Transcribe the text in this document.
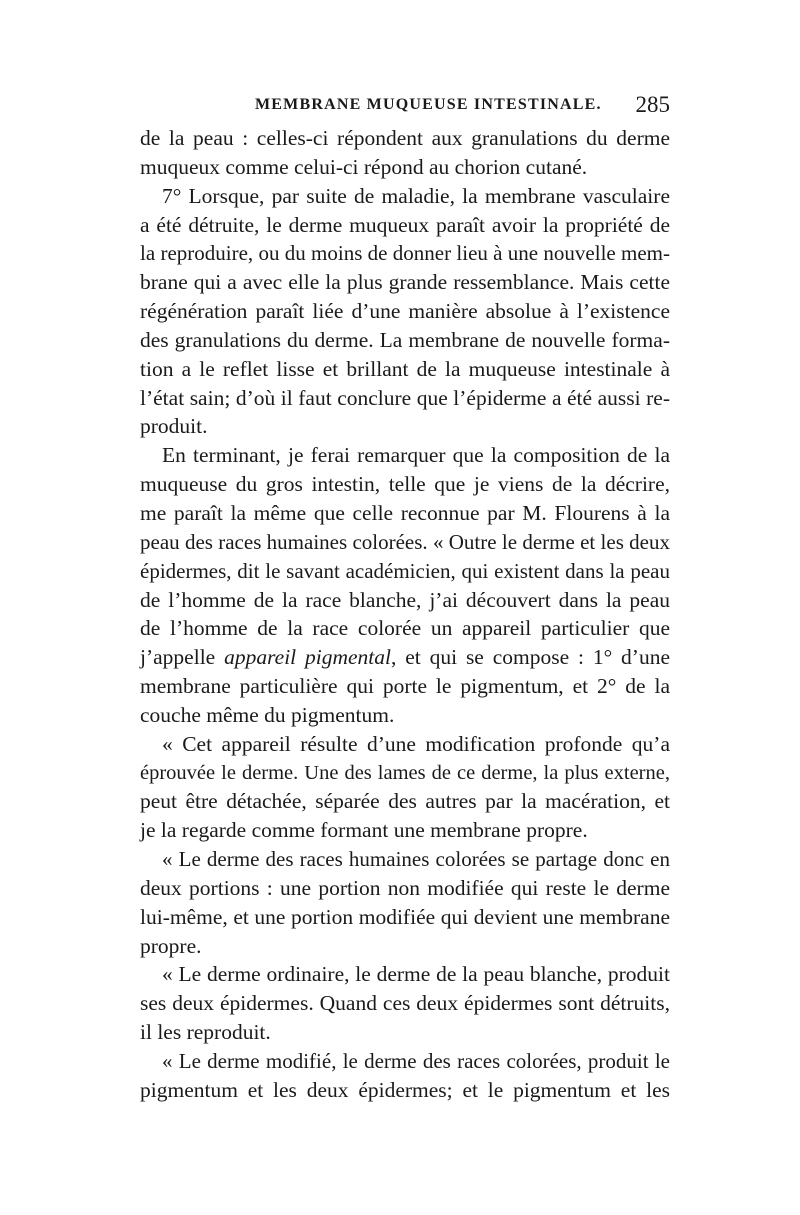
MEMBRANE MUQUEUSE INTESTINALE. 285
de la peau : celles-ci répondent aux granulations du derme
muqueux comme celui-ci répond au chorion cutané.
7° Lorsque, par suite de maladie, la membrane vasculaire
a été détruite, le derme muqueux paraît avoir la propriété de
la reproduire, ou du moins de donner lieu à une nouvelle mem-
brane qui a avec elle la plus grande ressemblance. Mais cette
régénération paraît liée d’une manière absolue à l’existence
des granulations du derme. La membrane de nouvelle forma-
tion a le reflet lisse et brillant de la muqueuse intestinale à
l’état sain; d’où il faut conclure que l’épiderme a été aussi re-
produit.
En terminant, je ferai remarquer que la composition de la
muqueuse du gros intestin, telle que je viens de la décrire,
me paraît la même que celle reconnue par M. Flourens à la
peau des races humaines colorées. « Outre le derme et les deux
épidermes, dit le savant académicien, qui existent dans la peau
de l’homme de la race blanche, j’ai découvert dans la peau
de l’homme de la race colorée un appareil particulier que
j’appelle appareil pigmental, et qui se compose : 1° d’une
membrane particulière qui porte le pigmentum, et 2° de la
couche même du pigmentum.
« Cet appareil résulte d’une modification profonde qu’a
éprouvée le derme. Une des lames de ce derme, la plus externe,
peut être détachée, séparée des autres par la macération, et
je la regarde comme formant une membrane propre.
« Le derme des races humaines colorées se partage donc en
deux portions : une portion non modifiée qui reste le derme
lui-même, et une portion modifiée qui devient une membrane
propre.
« Le derme ordinaire, le derme de la peau blanche, produit
ses deux épidermes. Quand ces deux épidermes sont détruits,
il les reproduit.
« Le derme modifié, le derme des races colorées, produit le
pigmentum et les deux épidermes; et le pigmentum et les
